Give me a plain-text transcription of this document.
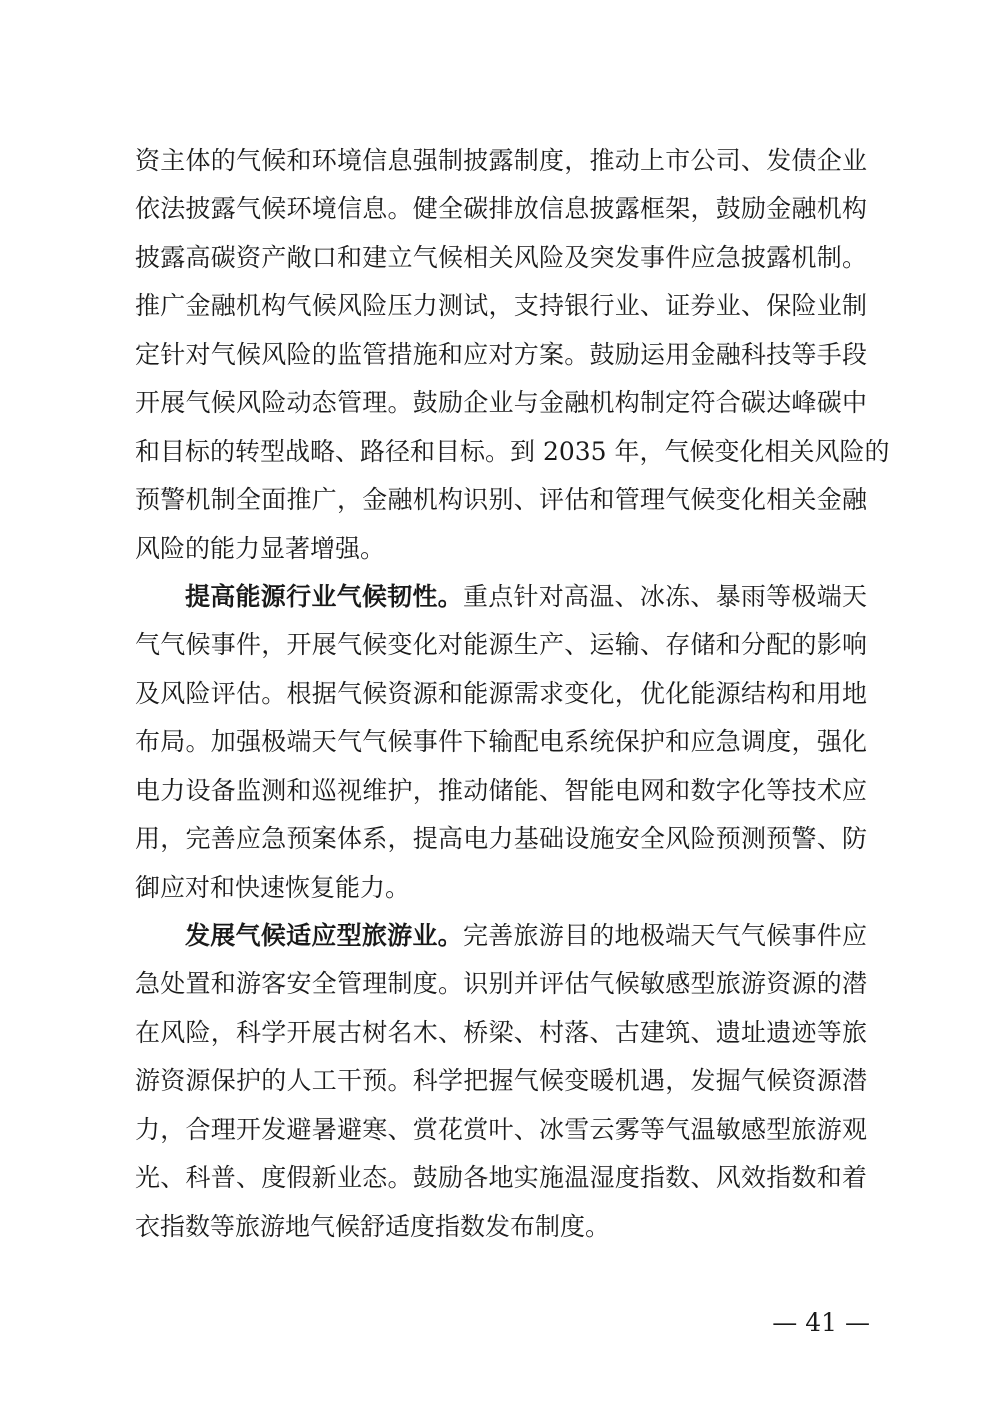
资主体的气候和环境信息强制披露制度，推动上市公司、发债企业
依法披露气候环境信息。健全碳排放信息披露框架，鼓励金融机构
披露高碳资产敞口和建立气候相关风险及突发事件应急披露机制。
推广金融机构气候风险压力测试，支持银行业、证券业、保险业制
定针对气候风险的监管措施和应对方案。鼓励运用金融科技等手段
开展气候风险动态管理。鼓励企业与金融机构制定符合碳达峰碳中
和目标的转型战略、路径和目标。到 2035 年，气候变化相关风险的
预警机制全面推广，金融机构识别、评估和管理气候变化相关金融
风险的能力显著增强。
提高能源行业气候韧性。重点针对高温、冰冻、暴雨等极端天
气气候事件，开展气候变化对能源生产、运输、存储和分配的影响
及风险评估。根据气候资源和能源需求变化，优化能源结构和用地
布局。加强极端天气气候事件下输配电系统保护和应急调度，强化
电力设备监测和巡视维护，推动储能、智能电网和数字化等技术应
用，完善应急预案体系，提高电力基础设施安全风险预测预警、防
御应对和快速恢复能力。
发展气候适应型旅游业。完善旅游目的地极端天气气候事件应
急处置和游客安全管理制度。识别并评估气候敏感型旅游资源的潜
在风险，科学开展古树名木、桥梁、村落、古建筑、遗址遗迹等旅
游资源保护的人工干预。科学把握气候变暖机遇，发掘气候资源潜
力，合理开发避暑避寒、赏花赏叶、冰雪云雾等气温敏感型旅游观
光、科普、度假新业态。鼓励各地实施温湿度指数、风效指数和着
衣指数等旅游地气候舒适度指数发布制度。
— 41 —
